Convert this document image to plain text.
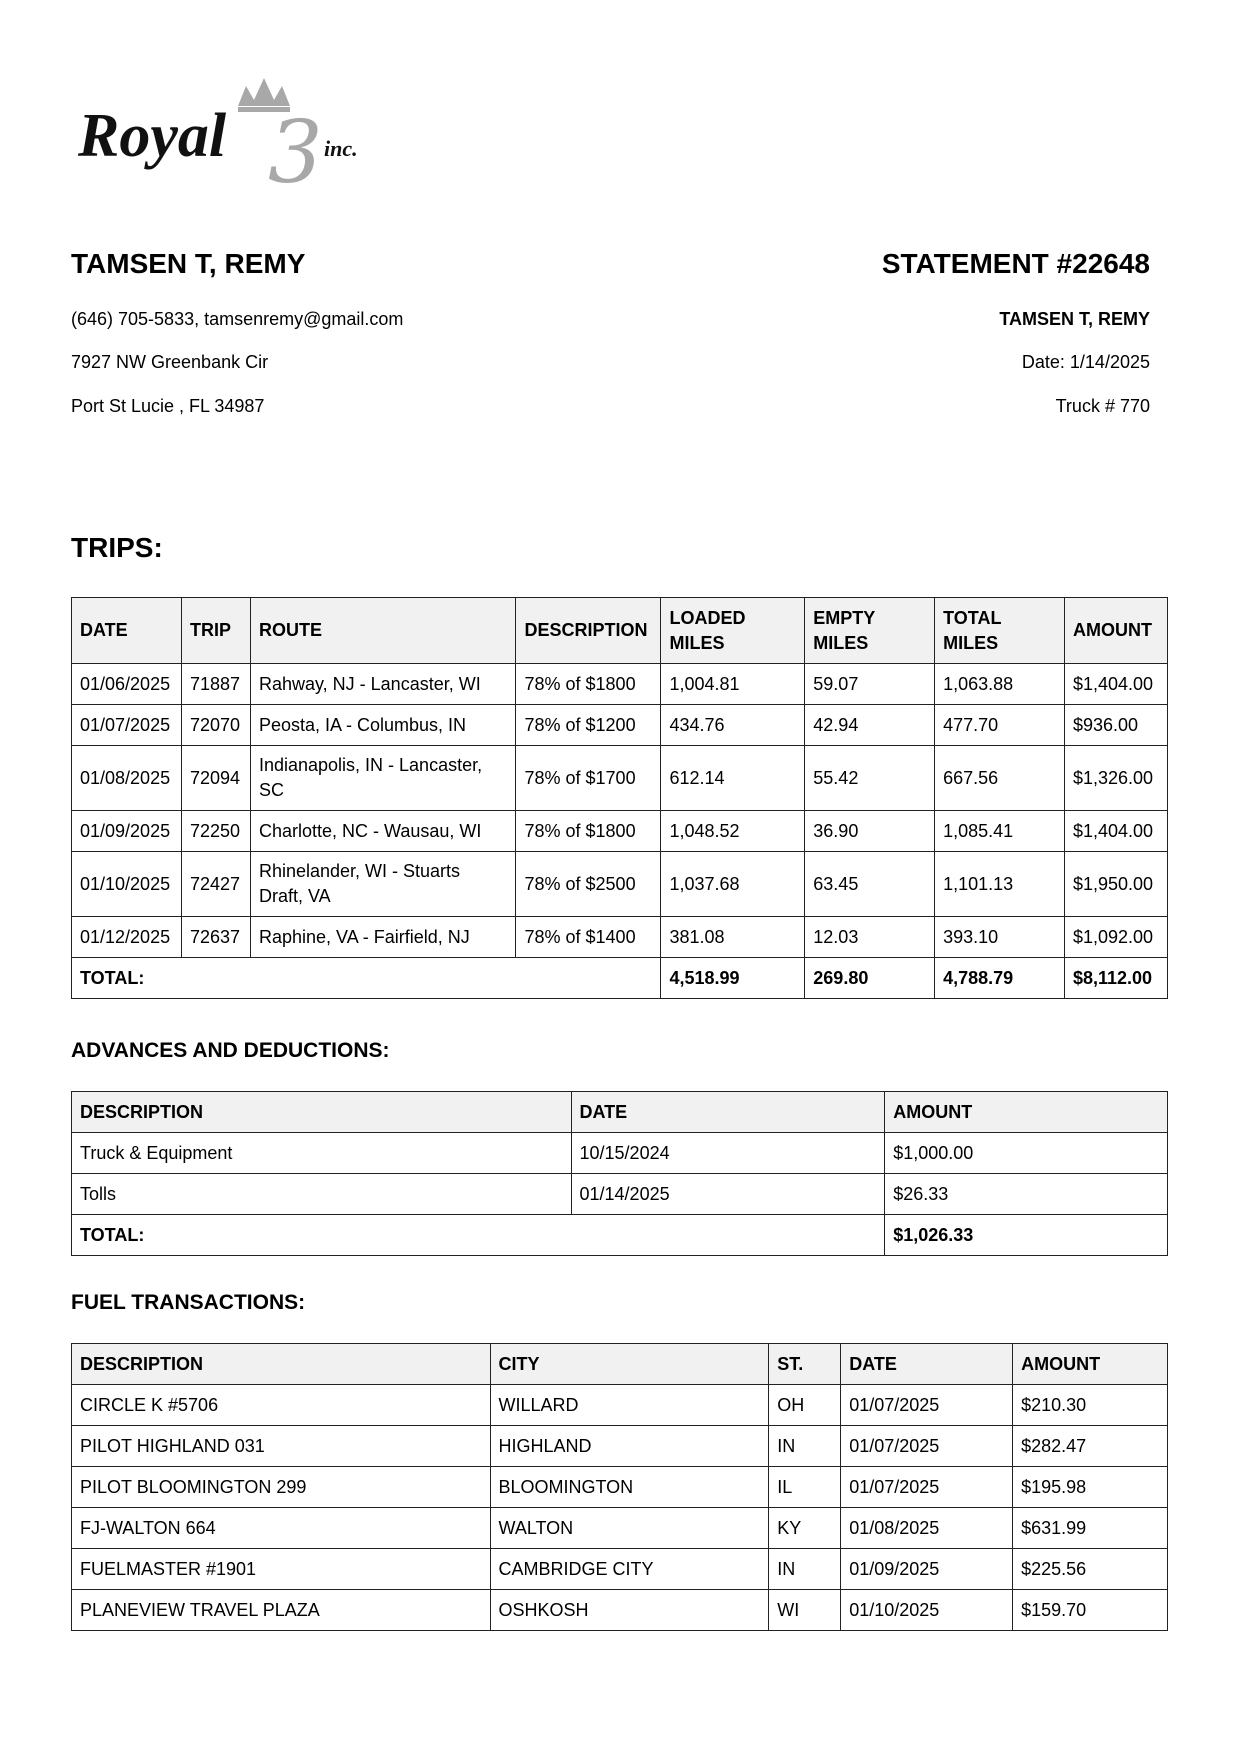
3
Royal	inc.
TAMSEN T, REMY
(646) 705-5833, tamsenremy@gmail.com
7927 NW Greenbank Cir
Port St Lucie , FL 34987
STATEMENT #22648
TAMSEN T, REMY
Date: 1/14/2025
Truck # 770
TRIPS:
DATE	TRIP	ROUTE	DESCRIPTION	LOADED MILES	EMPTY MILES	TOTAL MILES	AMOUNT
01/06/2025	71887	Rahway, NJ - Lancaster, WI	78% of $1800	1,004.81	59.07	1,063.88	$1,404.00
01/07/2025	72070	Peosta, IA - Columbus, IN	78% of $1200	434.76	42.94	477.70	$936.00
01/08/2025	72094	Indianapolis, IN - Lancaster, SC	78% of $1700	612.14	55.42	667.56	$1,326.00
01/09/2025	72250	Charlotte, NC - Wausau, WI	78% of $1800	1,048.52	36.90	1,085.41	$1,404.00
01/10/2025	72427	Rhinelander, WI - Stuarts Draft, VA	78% of $2500	1,037.68	63.45	1,101.13	$1,950.00
01/12/2025	72637	Raphine, VA - Fairfield, NJ	78% of $1400	381.08	12.03	393.10	$1,092.00
TOTAL:				4,518.99	269.80	4,788.79	$8,112.00
ADVANCES AND DEDUCTIONS:
DESCRIPTION	DATE	AMOUNT
Truck & Equipment	10/15/2024	$1,000.00
Tolls	01/14/2025	$26.33
TOTAL:		$1,026.33
FUEL TRANSACTIONS:
DESCRIPTION	CITY	ST.	DATE	AMOUNT
CIRCLE K #5706	WILLARD	OH	01/07/2025	$210.30
PILOT HIGHLAND 031	HIGHLAND	IN	01/07/2025	$282.47
PILOT BLOOMINGTON 299	BLOOMINGTON	IL	01/07/2025	$195.98
FJ-WALTON 664	WALTON	KY	01/08/2025	$631.99
FUELMASTER #1901	CAMBRIDGE CITY	IN	01/09/2025	$225.56
PLANEVIEW TRAVEL PLAZA	OSHKOSH	WI	01/10/2025	$159.70
